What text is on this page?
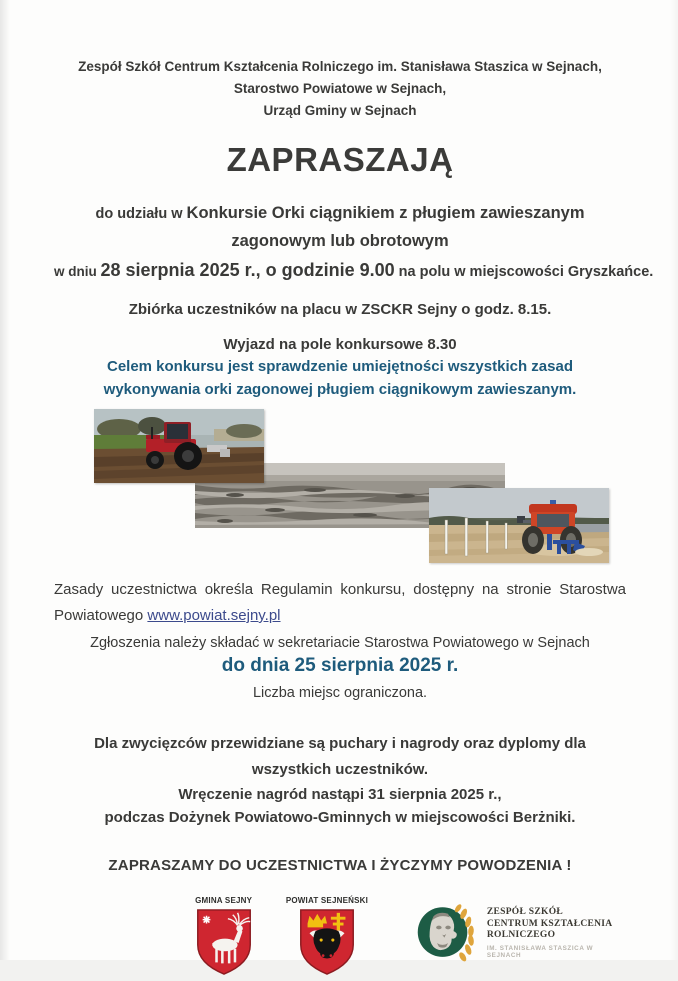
Zespół Szkół Centrum Kształcenia Rolniczego im. Stanisława Staszica w Sejnach,
Starostwo Powiatowe w Sejnach,
Urząd Gminy w Sejnach
ZAPRASZAJĄ
do udziału w Konkursie Orki ciągnikiem z pługiem zawieszanym zagonowym lub obrotowym
w dniu 28 sierpnia 2025 r., o godzinie 9.00 na polu w miejscowości Gryszkańce.
Zbiórka uczestników na placu w ZSCKR Sejny o godz. 8.15.
Wyjazd na pole konkursowe 8.30
Celem konkursu jest sprawdzenie umiejętności wszystkich zasad wykonywania orki zagonowej pługiem ciągnikowym zawieszanym.
Zasady uczestnictwa określa Regulamin konkursu, dostępny na stronie Starostwa Powiatowego www.powiat.sejny.pl
Zgłoszenia należy składać w sekretariacie Starostwa Powiatowego w Sejnach
do dnia 25 sierpnia 2025 r.
Liczba miejsc ograniczona.
Dla zwycięzców przewidziane są puchary i nagrody oraz dyplomy dla wszystkich uczestników.
Wręczenie nagród nastąpi 31 sierpnia 2025 r.,
podczas Dożynek Powiatowo-Gminnych w miejscowości Berżniki.
ZAPRASZAMY DO UCZESTNICTWA I ŻYCZYMY POWODZENIA !
GMINA SEJNY	POWIAT SEJNEŃSKI
ZESPÓŁ SZKÓŁ
CENTRUM KSZTAŁCENIA
ROLNICZEGO
IM. STANISŁAWA STASZICA W SEJNACH
